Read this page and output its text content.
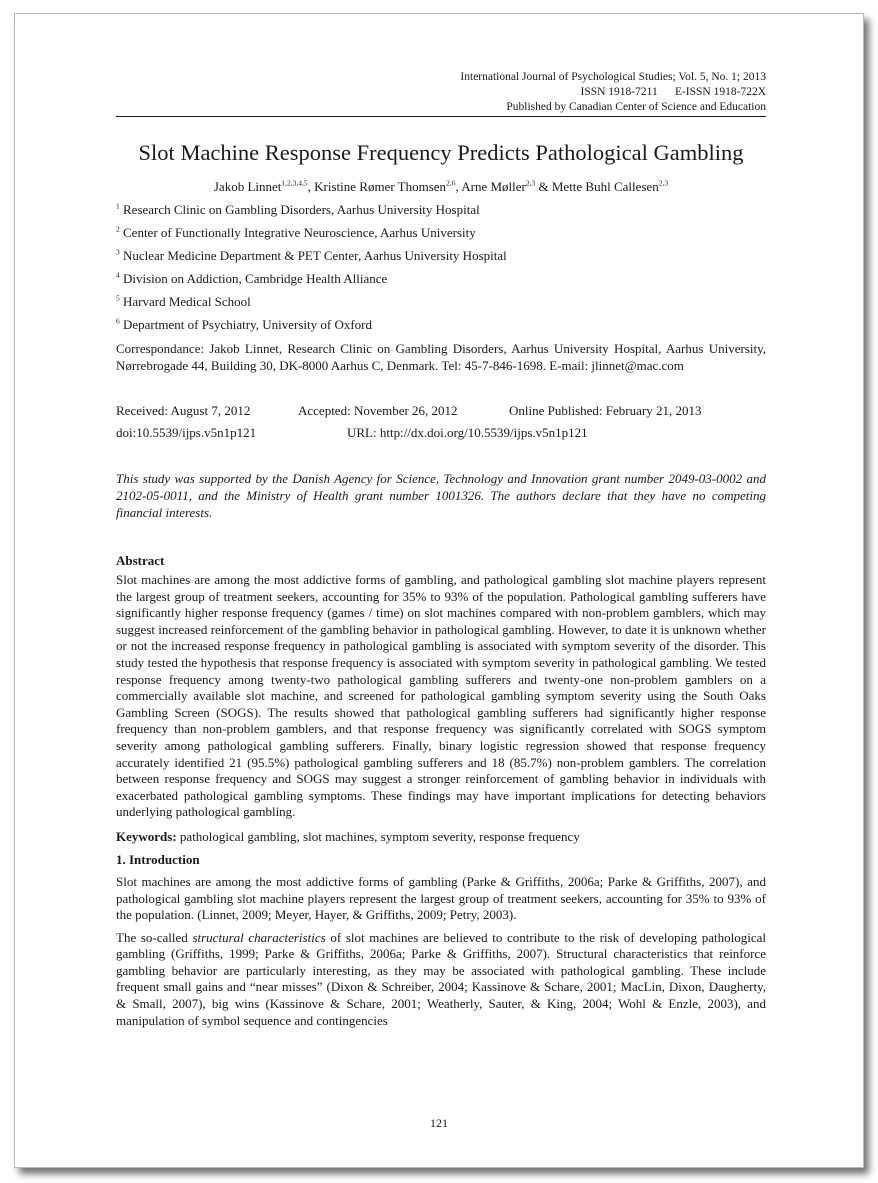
International Journal of Psychological Studies; Vol. 5, No. 1; 2013
ISSN 1918-7211      E-ISSN 1918-722X
Published by Canadian Center of Science and Education
Slot Machine Response Frequency Predicts Pathological Gambling
Jakob Linnet$^{1,2,3,4,5}$, Kristine Rømer Thomsen$^{2,6}$, Arne Møller$^{2,3}$ & Mette Buhl Callesen$^{2,3}$
$^1$ Research Clinic on Gambling Disorders, Aarhus University Hospital
$^2$ Center of Functionally Integrative Neuroscience, Aarhus University
$^3$ Nuclear Medicine Department & PET Center, Aarhus University Hospital
$^4$ Division on Addiction, Cambridge Health Alliance
$^5$ Harvard Medical School
$^6$ Department of Psychiatry, University of Oxford
Correspondance: Jakob Linnet, Research Clinic on Gambling Disorders, Aarhus University Hospital, Aarhus University, Nørrebrogade 44, Building 30, DK-8000 Aarhus C, Denmark. Tel: 45-7-846-1698. E-mail: jlinnet@mac.com
Received: August 7, 2012	Accepted: November 26, 2012	Online Published: February 21, 2013
doi:10.5539/ijps.v5n1p121	URL: http://dx.doi.org/10.5539/ijps.v5n1p121
This study was supported by the Danish Agency for Science, Technology and Innovation grant number 2049-03-0002 and 2102-05-0011, and the Ministry of Health grant number 1001326. The authors declare that they have no competing financial interests.
Abstract
Slot machines are among the most addictive forms of gambling, and pathological gambling slot machine players represent the largest group of treatment seekers, accounting for 35% to 93% of the population. Pathological gambling sufferers have significantly higher response frequency (games / time) on slot machines compared with non-problem gamblers, which may suggest increased reinforcement of the gambling behavior in pathological gambling. However, to date it is unknown whether or not the increased response frequency in pathological gambling is associated with symptom severity of the disorder. This study tested the hypothesis that response frequency is associated with symptom severity in pathological gambling. We tested response frequency among twenty-two pathological gambling sufferers and twenty-one non-problem gamblers on a commercially available slot machine, and screened for pathological gambling symptom severity using the South Oaks Gambling Screen (SOGS). The results showed that pathological gambling sufferers had significantly higher response frequency than non-problem gamblers, and that response frequency was significantly correlated with SOGS symptom severity among pathological gambling sufferers. Finally, binary logistic regression showed that response frequency accurately identified 21 (95.5%) pathological gambling sufferers and 18 (85.7%) non-problem gamblers. The correlation between response frequency and SOGS may suggest a stronger reinforcement of gambling behavior in individuals with exacerbated pathological gambling symptoms. These findings may have important implications for detecting behaviors underlying pathological gambling.
Keywords: pathological gambling, slot machines, symptom severity, response frequency
1. Introduction
Slot machines are among the most addictive forms of gambling (Parke & Griffiths, 2006a; Parke & Griffiths, 2007), and pathological gambling slot machine players represent the largest group of treatment seekers, accounting for 35% to 93% of the population. (Linnet, 2009; Meyer, Hayer, & Griffiths, 2009; Petry, 2003).
The so-called structural characteristics of slot machines are believed to contribute to the risk of developing pathological gambling (Griffiths, 1999; Parke & Griffiths, 2006a; Parke & Griffiths, 2007). Structural characteristics that reinforce gambling behavior are particularly interesting, as they may be associated with pathological gambling. These include frequent small gains and “near misses” (Dixon & Schreiber, 2004; Kassinove & Schare, 2001; MacLin, Dixon, Daugherty, & Small, 2007), big wins (Kassinove & Schare, 2001; Weatherly, Sauter, & King, 2004; Wohl & Enzle, 2003), and manipulation of symbol sequence and contingencies
121
